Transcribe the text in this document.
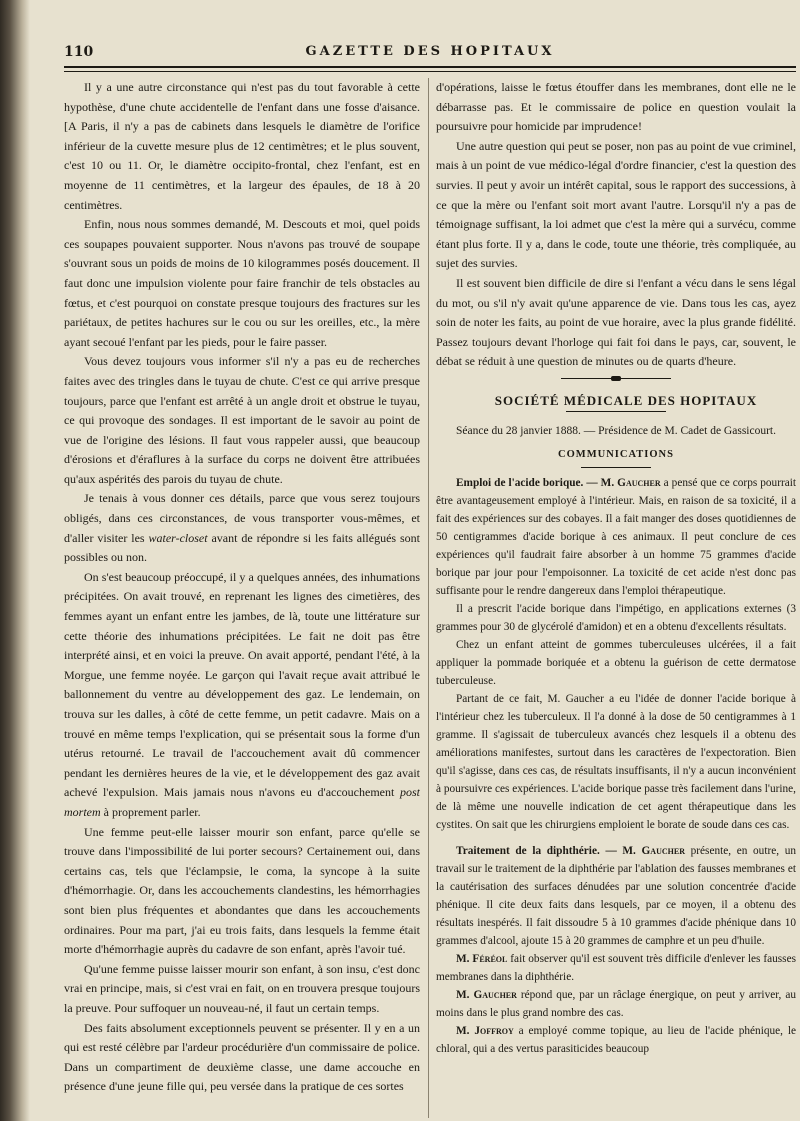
110	GAZETTE DES HOPITAUX

Il y a une autre circonstance qui n'est pas du tout favorable à cette hypothèse, d'une chute accidentelle de l'enfant dans une fosse d'aisance. [A Paris, il n'y a pas de cabinets dans lesquels le diamètre de l'orifice inférieur de la cuvette mesure plus de 12 centimètres; et le plus souvent, c'est 10 ou 11. Or, le diamètre occipito-frontal, chez l'enfant, est en moyenne de 11 centimètres, et la largeur des épaules, de 18 à 20 centimètres.

Enfin, nous nous sommes demandé, M. Descouts et moi, quel poids ces soupapes pouvaient supporter. Nous n'avons pas trouvé de soupape s'ouvrant sous un poids de moins de 10 kilogrammes posés doucement. Il faut donc une impulsion violente pour faire franchir de tels obstacles au fœtus, et c'est pourquoi on constate presque toujours des fractures sur les pariétaux, de petites hachures sur le cou ou sur les oreilles, etc., la mère ayant secoué l'enfant par les pieds, pour le faire passer.

Vous devez toujours vous informer s'il n'y a pas eu de recherches faites avec des tringles dans le tuyau de chute. C'est ce qui arrive presque toujours, parce que l'enfant est arrêté à un angle droit et obstrue le tuyau, ce qui provoque des sondages. Il est important de le savoir au point de vue de l'origine des lésions. Il faut vous rappeler aussi, que beaucoup d'érosions et d'éraflures à la surface du corps ne doivent être attribuées qu'aux aspérités des parois du tuyau de chute.

Je tenais à vous donner ces détails, parce que vous serez toujours obligés, dans ces circonstances, de vous transporter vous-mêmes, et d'aller visiter les water-closet avant de répondre si les faits allégués sont possibles ou non.

On s'est beaucoup préoccupé, il y a quelques années, des inhumations précipitées. On avait trouvé, en reprenant les lignes des cimetières, des femmes ayant un enfant entre les jambes, de là, toute une littérature sur cette théorie des inhumations précipitées. Le fait ne doit pas être interprété ainsi, et en voici la preuve. On avait apporté, pendant l'été, à la Morgue, une femme noyée. Le garçon qui l'avait reçue avait attribué le ballonnement du ventre au développement des gaz. Le lendemain, on trouva sur les dalles, à côté de cette femme, un petit cadavre. Mais on a trouvé en même temps l'explication, qui se présentait sous la forme d'un utérus retourné. Le travail de l'accouchement avait dû commencer pendant les dernières heures de la vie, et le développement des gaz avait achevé l'expulsion. Mais jamais nous n'avons eu d'accouchement post mortem à proprement parler.

Une femme peut-elle laisser mourir son enfant, parce qu'elle se trouve dans l'impossibilité de lui porter secours? Certainement oui, dans certains cas, tels que l'éclampsie, le coma, la syncope à la suite d'hémorrhagie. Or, dans les accouchements clandestins, les hémorrhagies sont bien plus fréquentes et abondantes que dans les accouchements ordinaires. Pour ma part, j'ai eu trois faits, dans lesquels la femme était morte d'hémorrhagie auprès du cadavre de son enfant, après l'avoir tué.

Qu'une femme puisse laisser mourir son enfant, à son insu, c'est donc vrai en principe, mais, si c'est vrai en fait, on en trouvera presque toujours la preuve. Pour suffoquer un nouveau-né, il faut un certain temps.

Des faits absolument exceptionnels peuvent se présenter. Il y en a un qui est resté célèbre par l'ardeur procédurière d'un commissaire de police. Dans un compartiment de deuxième classe, une dame accouche en présence d'une jeune fille qui, peu versée dans la pratique de ces sortes

d'opérations, laisse le fœtus étouffer dans les membranes, dont elle ne le débarrasse pas. Et le commissaire de police en question voulait la poursuivre pour homicide par imprudence!

Une autre question qui peut se poser, non pas au point de vue criminel, mais à un point de vue médico-légal d'ordre financier, c'est la question des survies. Il peut y avoir un intérêt capital, sous le rapport des successions, à ce que la mère ou l'enfant soit mort avant l'autre. Lorsqu'il n'y a pas de témoignage suffisant, la loi admet que c'est la mère qui a survécu, comme étant plus forte. Il y a, dans le code, toute une théorie, très compliquée, au sujet des survies.

Il est souvent bien difficile de dire si l'enfant a vécu dans le sens légal du mot, ou s'il n'y avait qu'une apparence de vie. Dans tous les cas, ayez soin de noter les faits, au point de vue horaire, avec la plus grande fidélité. Passez toujours devant l'horloge qui fait foi dans le pays, car, souvent, le débat se réduit à une question de minutes ou de quarts d'heure.

SOCIÉTÉ MÉDICALE DES HOPITAUX

Séance du 28 janvier 1888. — Présidence de M. Cadet de Gassicourt.

COMMUNICATIONS

Emploi de l'acide borique. — M. Gaucher a pensé que ce corps pourrait être avantageusement employé à l'intérieur. Mais, en raison de sa toxicité, il a fait des expériences sur des cobayes. Il a fait manger des doses quotidiennes de 50 centigrammes d'acide borique à ces animaux. Il peut conclure de ces expériences qu'il faudrait faire absorber à un homme 75 grammes d'acide borique par jour pour l'empoisonner. La toxicité de cet acide n'est donc pas suffisante pour le rendre dangereux dans l'emploi thérapeutique.

Il a prescrit l'acide borique dans l'impétigo, en applications externes (3 grammes pour 30 de glycérolé d'amidon) et en a obtenu d'excellents résultats.

Chez un enfant atteint de gommes tuberculeuses ulcérées, il a fait appliquer la pommade boriquée et a obtenu la guérison de cette dermatose tuberculeuse.

Partant de ce fait, M. Gaucher a eu l'idée de donner l'acide borique à l'intérieur chez les tuberculeux. Il l'a donné à la dose de 50 centigrammes à 1 gramme. Il s'agissait de tuberculeux avancés chez lesquels il a obtenu des améliorations manifestes, surtout dans les caractères de l'expectoration. Bien qu'il s'agisse, dans ces cas, de résultats insuffisants, il n'y a aucun inconvénient à poursuivre ces expériences. L'acide borique passe très facilement dans l'urine, de là même une nouvelle indication de cet agent thérapeutique dans les cystites. On sait que les chirurgiens emploient le borate de soude dans ces cas.

Traitement de la diphthérie. — M. Gaucher présente, en outre, un travail sur le traitement de la diphthérie par l'ablation des fausses membranes et la cautérisation des surfaces dénudées par une solution concentrée d'acide phénique. Il cite deux faits dans lesquels, par ce moyen, il a obtenu des résultats inespérés. Il fait dissoudre 5 à 10 grammes d'acide phénique dans 10 grammes d'alcool, ajoute 15 à 20 grammes de camphre et un peu d'huile.

M. Féréol fait observer qu'il est souvent très difficile d'enlever les fausses membranes dans la diphthérie.

M. Gaucher répond que, par un râclage énergique, on peut y arriver, au moins dans le plus grand nombre des cas.

M. Joffroy a employé comme topique, au lieu de l'acide phénique, le chloral, qui a des vertus parasiticides beaucoup
